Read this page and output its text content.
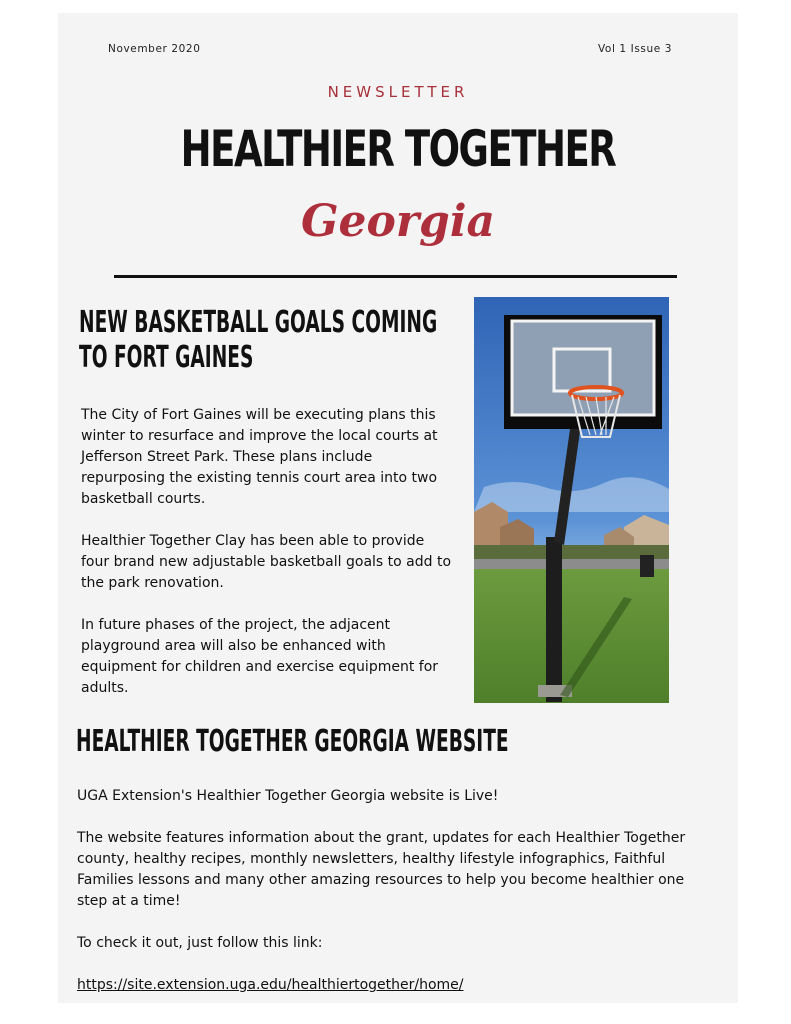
November 2020	Vol 1 Issue 3
NEWSLETTER
HEALTHIER TOGETHER
Georgia
NEW BASKETBALL GOALS COMING
TO FORT GAINES

The City of Fort Gaines will be executing plans this winter to resurface and improve the local courts at Jefferson Street Park. These plans include repurposing the existing tennis court area into two basketball courts.

Healthier Together Clay has been able to provide four brand new adjustable basketball goals to add to the park renovation.

In future phases of the project, the adjacent playground area will also be enhanced with equipment for children and exercise equipment for adults.

HEALTHIER TOGETHER GEORGIA WEBSITE

UGA Extension's Healthier Together Georgia website is Live!

The website features information about the grant, updates for each Healthier Together county, healthy recipes, monthly newsletters, healthy lifestyle infographics, Faithful Families lessons and many other amazing resources to help you become healthier one step at a time!

To check it out, just follow this link:

https://site.extension.uga.edu/healthiertogether/home/
